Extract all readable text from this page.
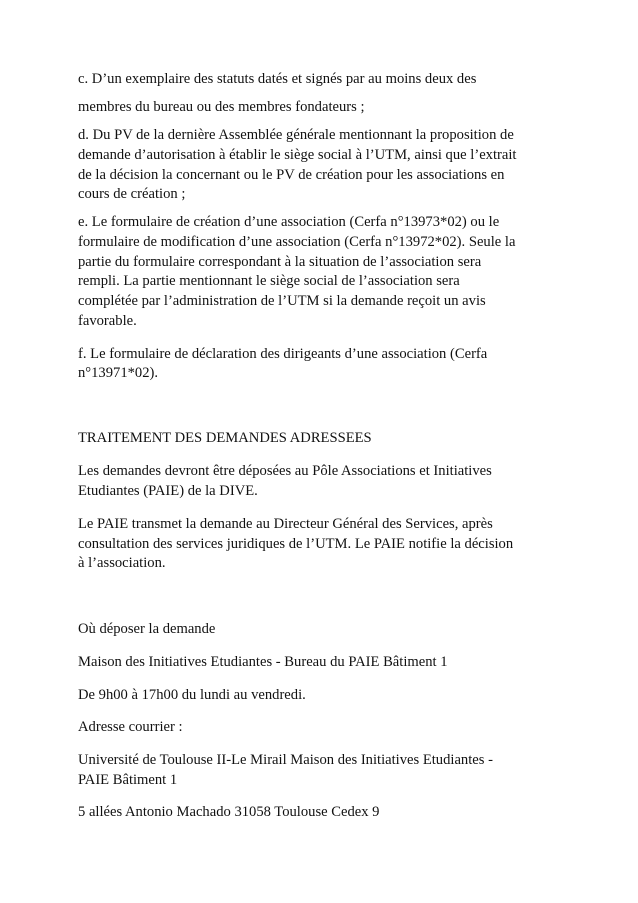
c. D’un exemplaire des statuts datés et signés par au moins deux des

membres du bureau ou des membres fondateurs ;

d. Du PV de la dernière Assemblée générale mentionnant la proposition de

demande d’autorisation à établir le siège social à l’UTM, ainsi que l’extrait

de la décision la concernant ou le PV de création pour les associations en

cours de création ;

e. Le formulaire de création d’une association (Cerfa n°13973*02) ou le

formulaire de modification d’une association (Cerfa n°13972*02). Seule la

partie du formulaire correspondant à la situation de l’association sera

rempli. La partie mentionnant le siège social de l’association sera

complétée par l’administration de l’UTM si la demande reçoit un avis

favorable.

f. Le formulaire de déclaration des dirigeants d’une association (Cerfa

n°13971*02).

TRAITEMENT DES DEMANDES ADRESSEES

Les demandes devront être déposées au Pôle Associations et Initiatives

Etudiantes (PAIE) de la DIVE.

Le PAIE transmet la demande au Directeur Général des Services, après

consultation des services juridiques de l’UTM. Le PAIE notifie la décision

à l’association.

Où déposer la demande

Maison des Initiatives Etudiantes - Bureau du PAIE Bâtiment 1

De 9h00 à 17h00 du lundi au vendredi.

Adresse courrier :

Université de Toulouse II-Le Mirail Maison des Initiatives Etudiantes -

PAIE Bâtiment 1

5 allées Antonio Machado 31058 Toulouse Cedex 9
